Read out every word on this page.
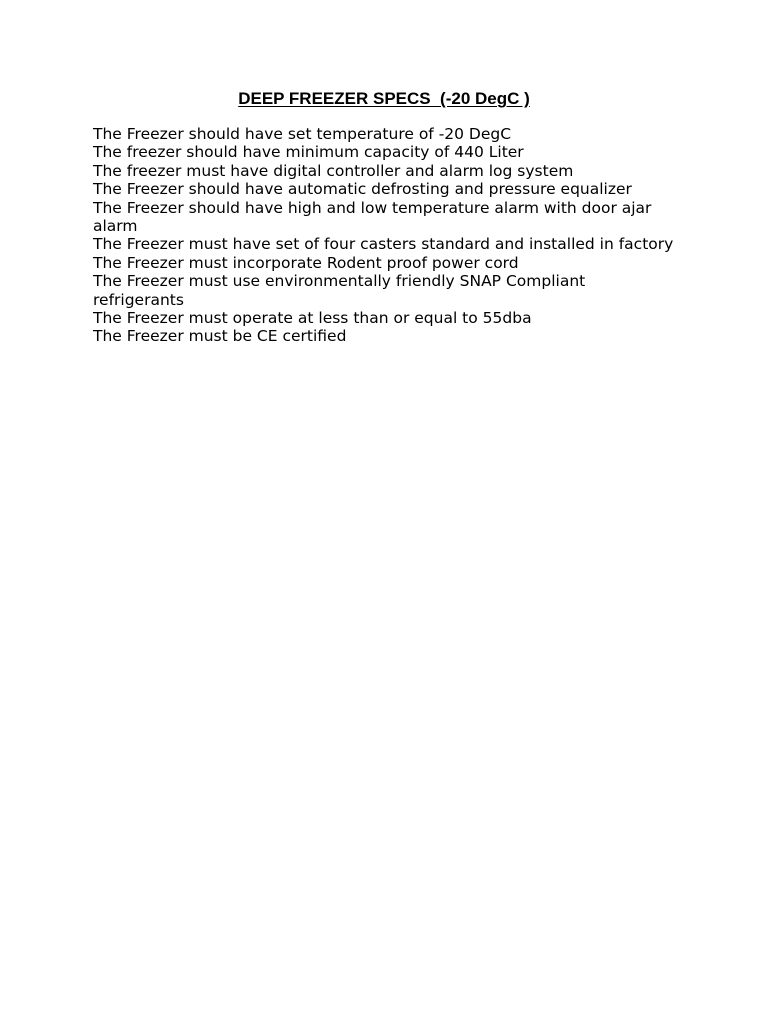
DEEP FREEZER SPECS  (-20 DegC )
The Freezer should have set temperature of -20 DegC
The freezer should have minimum capacity of 440 Liter
The freezer must have digital controller and alarm log system
The Freezer should have automatic defrosting and pressure equalizer
The Freezer should have high and low temperature alarm with door ajar alarm
The Freezer must have set of four casters standard and installed in factory
The Freezer must incorporate Rodent proof power cord
The Freezer must use environmentally friendly SNAP Compliant refrigerants
The Freezer must operate at less than or equal to 55dba
The Freezer must be CE certified
